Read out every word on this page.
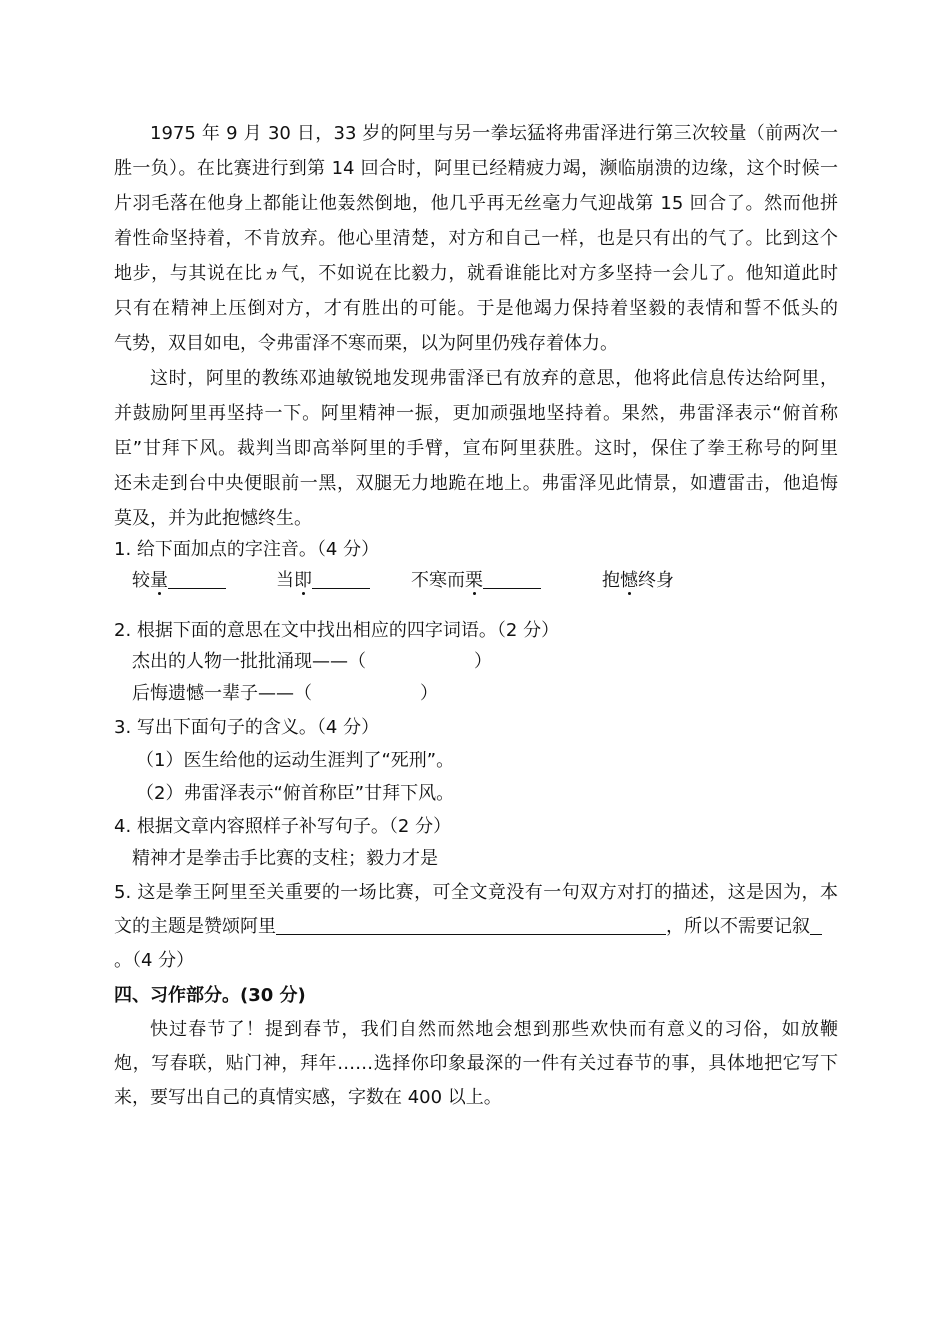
1975 年 9 月 30 日，33 岁的阿里与另一拳坛猛将弗雷泽进行第三次较量（前两次一
胜一负）。在比赛进行到第 14 回合时，阿里已经精疲力竭，濒临崩溃的边缘，这个时候一
片羽毛落在他身上都能让他轰然倒地，他几乎再无丝毫力气迎战第 15 回合了。然而他拼
着性命坚持着，不肯放弃。他心里清楚，对方和自己一样，也是只有出的气了。比到这个
地步，与其说在比ヵ气，不如说在比毅力，就看谁能比对方多坚持一会儿了。他知道此时
只有在精神上压倒对方，才有胜出的可能。于是他竭力保持着坚毅的表情和誓不低头的
气势，双目如电，令弗雷泽不寒而栗，以为阿里仍残存着体力。
这时，阿里的教练邓迪敏锐地发现弗雷泽已有放弃的意思，他将此信息传达给阿里，
并鼓励阿里再坚持一下。阿里精神一振，更加顽强地坚持着。果然，弗雷泽表示“俯首称
臣”甘拜下风。裁判当即高举阿里的手臂，宣布阿里获胜。这时，保住了拳王称号的阿里
还未走到台中央便眼前一黑，双腿无力地跪在地上。弗雷泽见此情景，如遭雷击，他追悔
莫及，并为此抱憾终生。
1. 给下面加点的字注音。（4 分）
较量	当即	不寒而栗	抱憾终身
2. 根据下面的意思在文中找出相应的四字词语。（2 分）
杰出的人物一批批涌现——（	）
后悔遗憾一辈子——（	）
3. 写出下面句子的含义。（4 分）
（1）医生给他的运动生涯判了“死刑”。
（2）弗雷泽表示“俯首称臣”甘拜下风。
4. 根据文章内容照样子补写句子。（2 分）
精神才是拳击手比赛的支柱；毅力才是
5. 这是拳王阿里至关重要的一场比赛，可全文竟没有一句双方对打的描述，这是因为，本
文的主题是赞颂阿里	，所以不需要记叙
。（4 分）
四、习作部分。(30 分)
快过春节了！提到春节，我们自然而然地会想到那些欢快而有意义的习俗，如放鞭
炮，写春联，贴门神，拜年……选择你印象最深的一件有关过春节的事，具体地把它写下
来，要写出自己的真情实感，字数在 400 以上。
